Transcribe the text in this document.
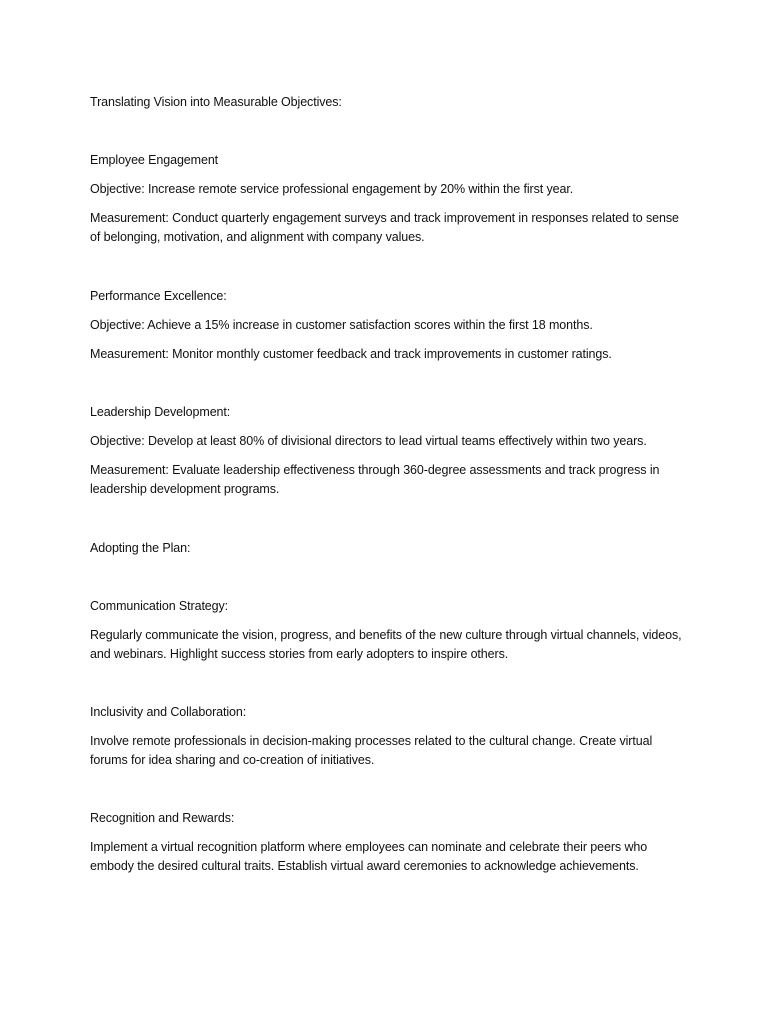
Translating Vision into Measurable Objectives:
Employee Engagement
Objective: Increase remote service professional engagement by 20% within the first year.
Measurement: Conduct quarterly engagement surveys and track improvement in responses related to sense of belonging, motivation, and alignment with company values.
Performance Excellence:
Objective: Achieve a 15% increase in customer satisfaction scores within the first 18 months.
Measurement: Monitor monthly customer feedback and track improvements in customer ratings.
Leadership Development:
Objective: Develop at least 80% of divisional directors to lead virtual teams effectively within two years.
Measurement: Evaluate leadership effectiveness through 360-degree assessments and track progress in leadership development programs.
Adopting the Plan:
Communication Strategy:
Regularly communicate the vision, progress, and benefits of the new culture through virtual channels, videos, and webinars. Highlight success stories from early adopters to inspire others.
Inclusivity and Collaboration:
Involve remote professionals in decision-making processes related to the cultural change. Create virtual forums for idea sharing and co-creation of initiatives.
Recognition and Rewards:
Implement a virtual recognition platform where employees can nominate and celebrate their peers who embody the desired cultural traits. Establish virtual award ceremonies to acknowledge achievements.
